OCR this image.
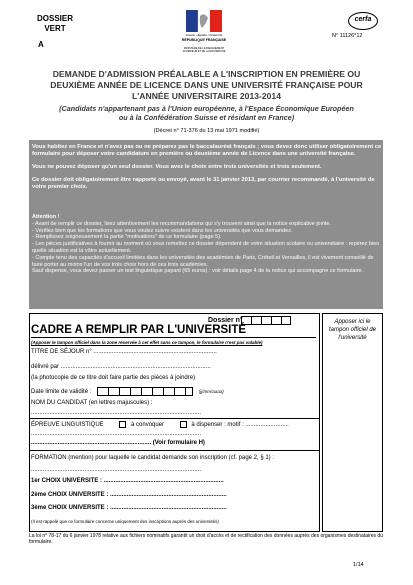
DOSSIER
VERT
A
Liberté • Égalité • Fraternité
RÉPUBLIQUE FRANÇAISE
MINISTÈRE DE L'ENSEIGNEMENT SUPÉRIEUR ET DE LA RECHERCHE
cerfa
N° 11126*12
DEMANDE D'ADMISSION PRÉALABLE A L'INSCRIPTION EN PREMIÈRE OU
DEUXIÈME ANNÉE DE LICENCE DANS UNE UNIVERSITÉ FRANÇAISE POUR
L'ANNÉE UNIVERSITAIRE 2013-2014
(Candidats n'appartenant pas à l'Union européenne, à l'Espace Économique Européen
ou à la Confédération Suisse et résidant en France)
(Décret n° 71-376 du 13 mai 1971 modifié)

Vous habitez en France et n'avez pas ou ne préparez pas le baccalauréat français ; vous devez donc utiliser obligatoirement ce formulaire pour déposer votre candidature en première ou deuxième année de Licence dans une université française.

Vous ne pouvez déposer qu'un seul dossier. Vous avez le choix entre trois universités et trois seulement.

Ce dossier doit obligatoirement être rapporté ou envoyé, avant le 31 janvier 2013, par courrier recommandé, à l'université de votre premier choix.

Attention !
- Avant de remplir ce dossier, lisez attentivement les recommandations qui s'y trouvent ainsi que la notice explicative jointe.
- Vérifiez bien que les formations que vous voulez suivre existent dans les universités que vous demandez.
- Remplissez soigneusement la partie "motivations" de ce formulaire (page 5).
- Les pièces justificatives à fournir au moment où vous remettez ce dossier dépendent de votre situation scolaire ou universitaire : repérez bien quelle situation est la vôtre actuellement.
- Compte tenu des capacités d'accueil limitées dans les universités des académies de Paris, Créteil et Versailles, il est vivement conseillé de faire porter au moins l'un de vos trois choix hors de ces trois académies.
Sauf dispense, vous devez passer un test linguistique payant (65 euros) : voir détails page 4 de la notice qui accompagne ce formulaire.
Apposer ici le
tampon officiel de
l'université
Dossier n°
CADRE A REMPLIR PAR L'UNIVERSITÉ
(Apposer le tampon officiel dans la zone réservée à cet effet sans ce tampon, le formulaire n'est pas valable)
TITRE DE SÉJOUR n° ..........................................................................
délivré par ..........................................................................................
(la photocopie de ce titre doit faire partie des pièces à joindre)
Date limite de validité :	(jj/mm/aaaa)
NOM DU CANDIDAT (en lettres majuscules) :
......................................................................................................
ÉPREUVE LINGUISTIQUE	à convoquer	à dispenser : motif : ..........................
......................................................................................................
........................................................................ (Voir formulaire H)
FORMATION (mention) pour laquelle le candidat demande son inscription (cf. page 2, § 1) :
......................................................................................................
1er CHOIX UNIVERSITE : ........................................................................
2ème CHOIX UNIVERSITE : ......................................................................
3ème CHOIX UNIVERSITE : ......................................................................
(Il est rappelé que ce formulaire concerne uniquement des inscriptions auprès des universités)
La loi n° 78-17 du 6 janvier 1978 relative aux fichiers nominatifs garantit un droit d'accès et de rectification des données auprès des organismes destinataires du formulaire.
1/14
